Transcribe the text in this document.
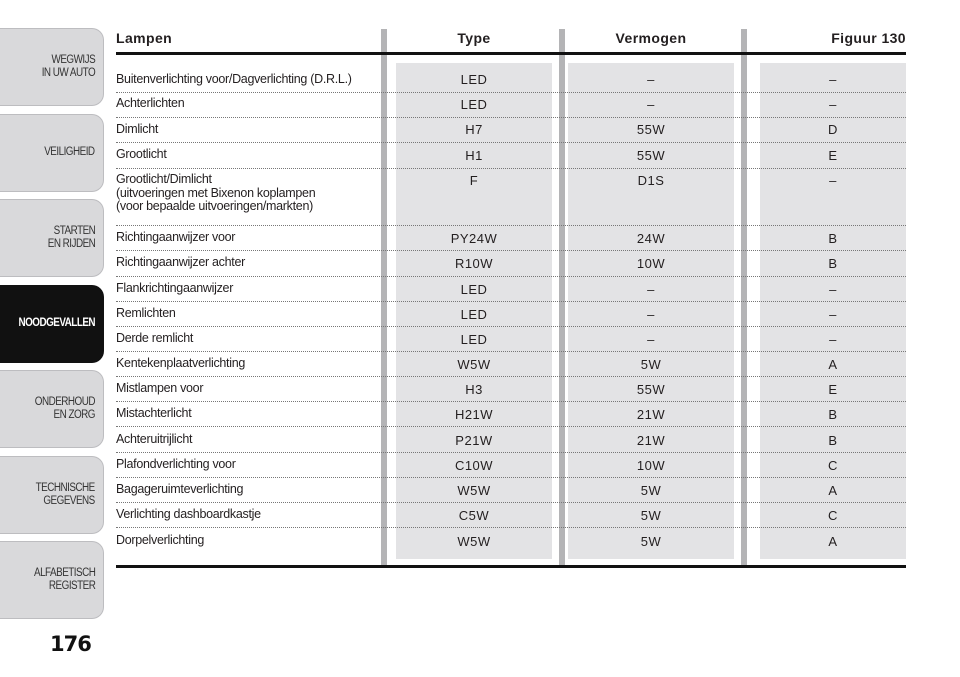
WEGWIJS
IN UW AUTO
VEILIGHEID
STARTEN
EN RIJDEN
NOODGEVALLEN
ONDERHOUD
EN ZORG
TECHNISCHE
GEGEVENS
ALFABETISCH
REGISTER
176
Lampen	Type	Vermogen	Figuur 130
Buitenverlichting voor/Dagverlichting (D.R.L.)	LED	–	–
Achterlichten	LED	–	–
Dimlicht	H7	55W	D
Grootlicht	H1	55W	E
Grootlicht/Dimlicht
(uitvoeringen met Bixenon koplampen
(voor bepaalde uitvoeringen/markten)
F	D1S	–
Richtingaanwijzer voor	PY24W	24W	B
Richtingaanwijzer achter	R10W	10W	B
Flankrichtingaanwijzer	LED	–	–
Remlichten	LED	–	–
Derde remlicht	LED	–	–
Kentekenplaatverlichting	W5W	5W	A
Mistlampen voor	H3	55W	E
Mistachterlicht	H21W	21W	B
Achteruitrijlicht	P21W	21W	B
Plafondverlichting voor	C10W	10W	C
Bagageruimteverlichting	W5W	5W	A
Verlichting dashboardkastje	C5W	5W	C
Dorpelverlichting	W5W	5W	A
